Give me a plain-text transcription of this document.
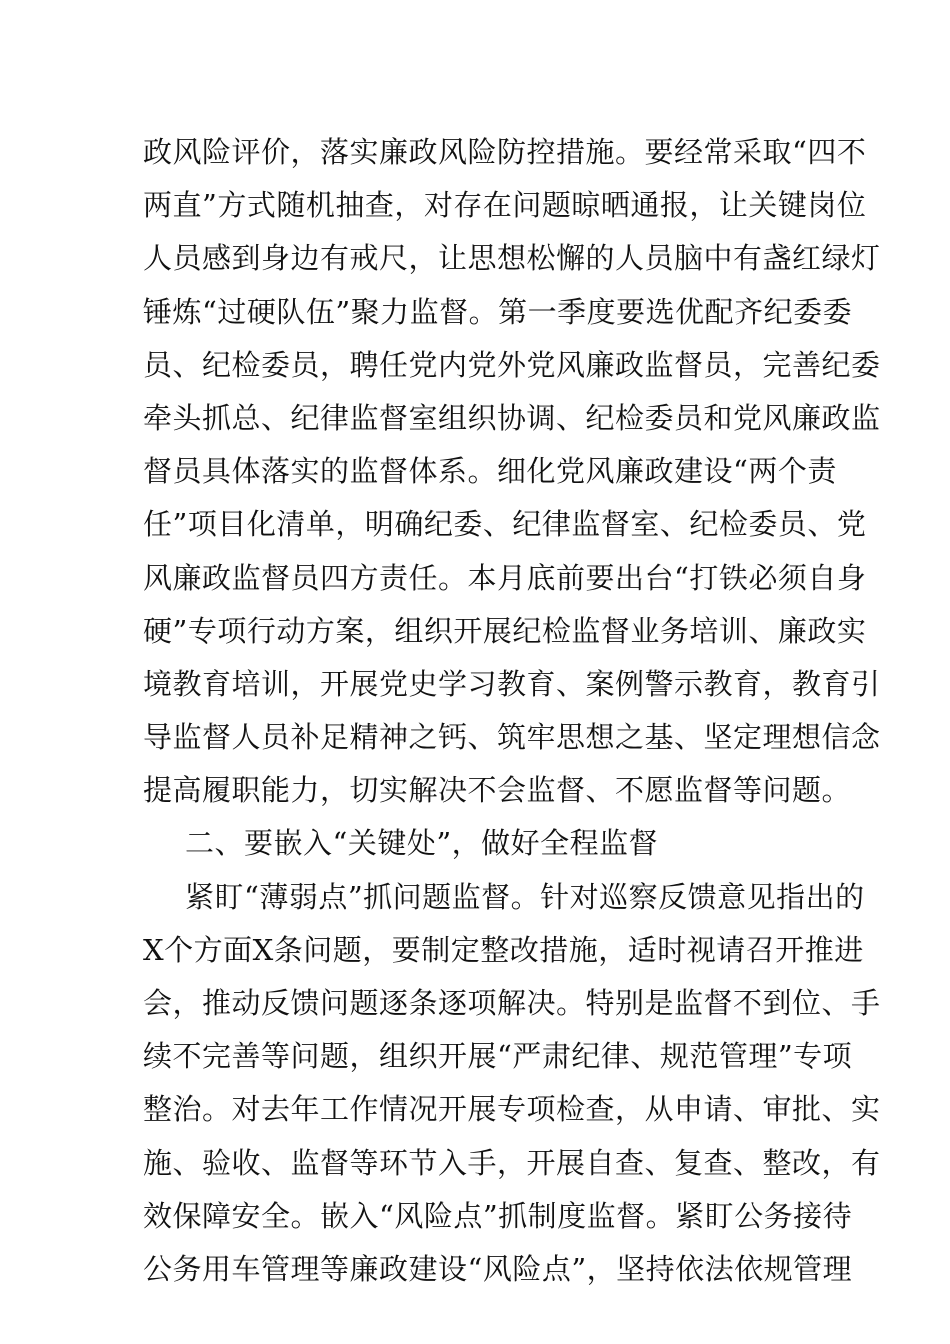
政风险评价，落实廉政风险防控措施。要经常采取“四不
两直”方式随机抽查，对存在问题晾晒通报，让关键岗位
人员感到身边有戒尺，让思想松懈的人员脑中有盏红绿灯
锤炼“过硬队伍”聚力监督。第一季度要选优配齐纪委委
员、纪检委员，聘任党内党外党风廉政监督员，完善纪委
牵头抓总、纪律监督室组织协调、纪检委员和党风廉政监
督员具体落实的监督体系。细化党风廉政建设“两个责
任”项目化清单，明确纪委、纪律监督室、纪检委员、党
风廉政监督员四方责任。本月底前要出台“打铁必须自身
硬”专项行动方案，组织开展纪检监督业务培训、廉政实
境教育培训，开展党史学习教育、案例警示教育，教育引
导监督人员补足精神之钙、筑牢思想之基、坚定理想信念
提高履职能力，切实解决不会监督、不愿监督等问题。
二、要嵌入“关键处”，做好全程监督
紧盯“薄弱点”抓问题监督。针对巡察反馈意见指出的
X个方面X条问题，要制定整改措施，适时视请召开推进
会，推动反馈问题逐条逐项解决。特别是监督不到位、手
续不完善等问题，组织开展“严肃纪律、规范管理”专项
整治。对去年工作情况开展专项检查，从申请、审批、实
施、验收、监督等环节入手，开展自查、复查、整改，有
效保障安全。嵌入“风险点”抓制度监督。紧盯公务接待
公务用车管理等廉政建设“风险点”，坚持依法依规管理
